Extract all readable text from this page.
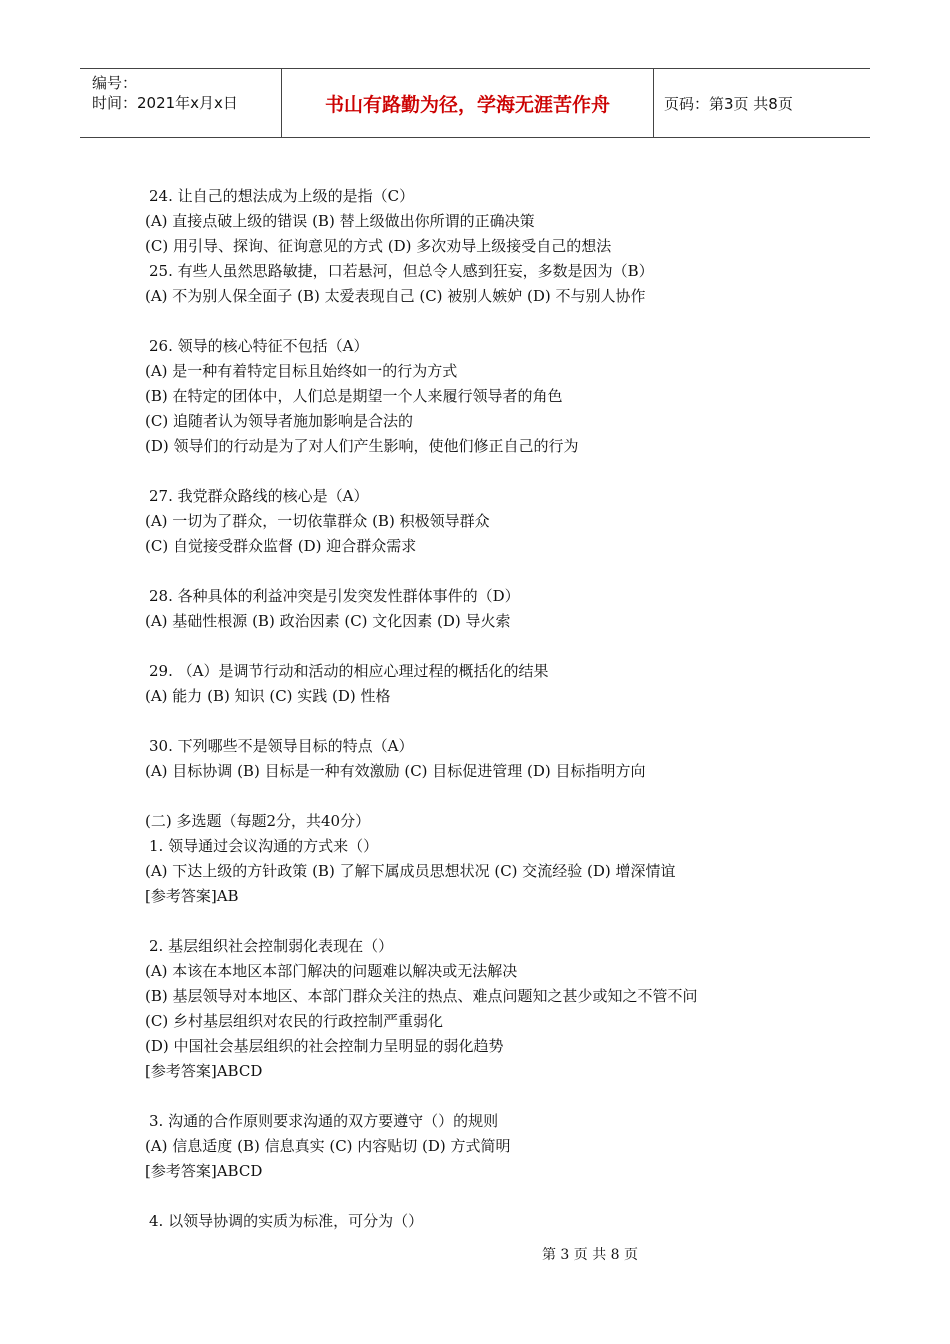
编号：
时间：2021年x月x日	书山有路勤为径，学海无涯苦作舟	页码：第3页 共8页
24. 让自己的想法成为上级的是指（C）
(A) 直接点破上级的错误 (B) 替上级做出你所谓的正确决策
(C) 用引导、探询、征询意见的方式 (D) 多次劝导上级接受自己的想法
25. 有些人虽然思路敏捷，口若悬河，但总令人感到狂妄，多数是因为（B）
(A) 不为别人保全面子 (B) 太爱表现自己 (C) 被别人嫉妒 (D) 不与别人协作
26. 领导的核心特征不包括（A）
(A) 是一种有着特定目标且始终如一的行为方式
(B) 在特定的团体中，人们总是期望一个人来履行领导者的角色
(C) 追随者认为领导者施加影响是合法的
(D) 领导们的行动是为了对人们产生影响，使他们修正自己的行为
27. 我党群众路线的核心是（A）
(A) 一切为了群众，一切依靠群众 (B) 积极领导群众
(C) 自觉接受群众监督 (D) 迎合群众需求
28. 各种具体的利益冲突是引发突发性群体事件的（D）
(A) 基础性根源 (B) 政治因素 (C) 文化因素 (D) 导火索
29. （A）是调节行动和活动的相应心理过程的概括化的结果
(A) 能力 (B) 知识 (C) 实践 (D) 性格
30. 下列哪些不是领导目标的特点（A）
(A) 目标协调 (B) 目标是一种有效激励 (C) 目标促进管理 (D) 目标指明方向
(二) 多选题（每题2分，共40分）
1. 领导通过会议沟通的方式来（）
(A) 下达上级的方针政策 (B) 了解下属成员思想状况 (C) 交流经验 (D) 增深情谊
[参考答案]AB
2. 基层组织社会控制弱化表现在（）
(A) 本该在本地区本部门解决的问题难以解决或无法解决
(B) 基层领导对本地区、本部门群众关注的热点、难点问题知之甚少或知之不管不问
(C) 乡村基层组织对农民的行政控制严重弱化
(D) 中国社会基层组织的社会控制力呈明显的弱化趋势
[参考答案]ABCD
3. 沟通的合作原则要求沟通的双方要遵守（）的规则
(A) 信息适度 (B) 信息真实 (C) 内容贴切 (D) 方式简明
[参考答案]ABCD
4. 以领导协调的实质为标准，可分为（）
第 3 页 共 8 页
